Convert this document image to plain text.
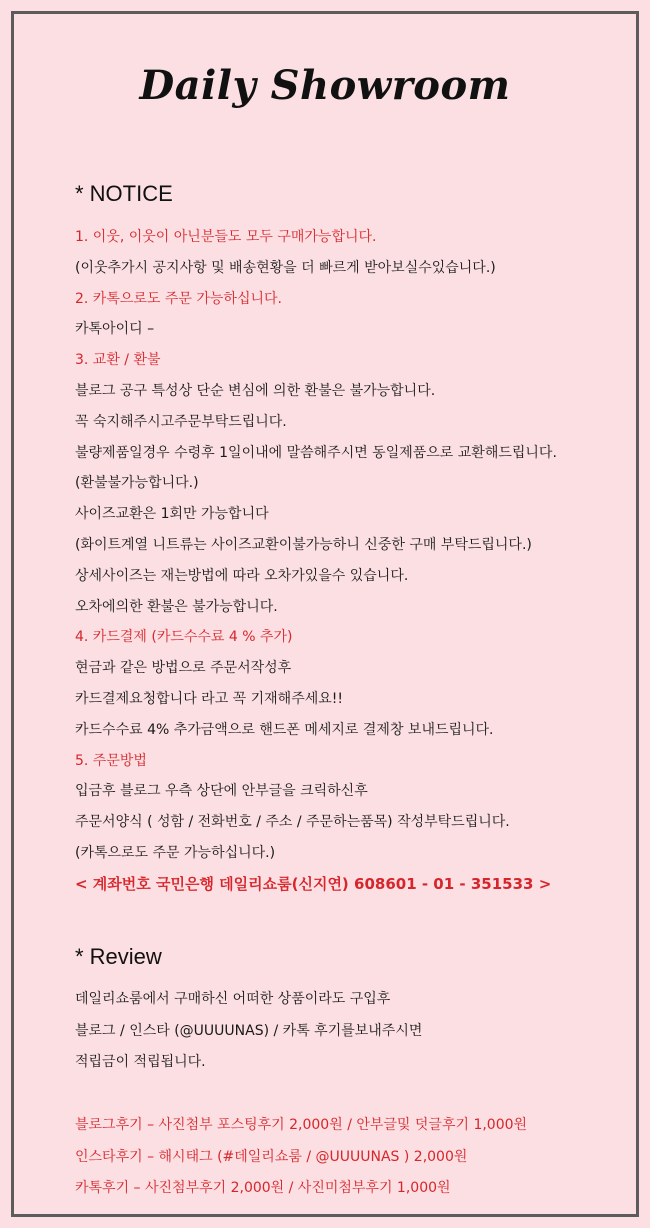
Daily Showroom
* NOTICE
1. 이웃, 이웃이 아닌분들도 모두 구매가능합니다.
(이웃추가시 공지사항 및 배송현황을 더 빠르게 받아보실수있습니다.)
2. 카톡으로도 주문 가능하십니다.
카톡아이디 –
3. 교환 / 환불
블로그 공구 특성상 단순 변심에 의한 환불은 불가능합니다.
꼭 숙지해주시고주문부탁드립니다.
불량제품일경우 수령후 1일이내에 말씀해주시면 동일제품으로 교환해드립니다.
(환불불가능합니다.)
사이즈교환은 1회만 가능합니다
(화이트계열 니트류는 사이즈교환이불가능하니 신중한 구매 부탁드립니다.)
상세사이즈는 재는방법에 따라 오차가있을수 있습니다.
오차에의한 환불은 불가능합니다.
4. 카드결제 (카드수수료 4 % 추가)
현금과 같은 방법으로 주문서작성후
카드결제요청합니다 라고 꼭 기재해주세요!!
카드수수료 4% 추가금액으로 핸드폰 메세지로 결제창 보내드립니다.
5. 주문방법
입금후 블로그 우측 상단에 안부글을 크릭하신후
주문서양식 ( 성함 / 전화번호 / 주소 / 주문하는품목) 작성부탁드립니다.
(카톡으로도 주문 가능하십니다.)
< 계좌번호 국민은행 데일리쇼룸(신지연) 608601 - 01 - 351533 >
* Review
데일리쇼룸에서 구매하신 어떠한 상품이라도 구입후
블로그 / 인스타 (@UUUUNAS) / 카톡 후기를보내주시면
적립금이 적립됩니다.
블로그후기 – 사진첨부 포스팅후기 2,000원 / 안부글및 덧글후기 1,000원
인스타후기 – 해시태그 (#데일리쇼룸 / @UUUUNAS ) 2,000원
카톡후기 – 사진첨부후기 2,000원 / 사진미첨부후기 1,000원
